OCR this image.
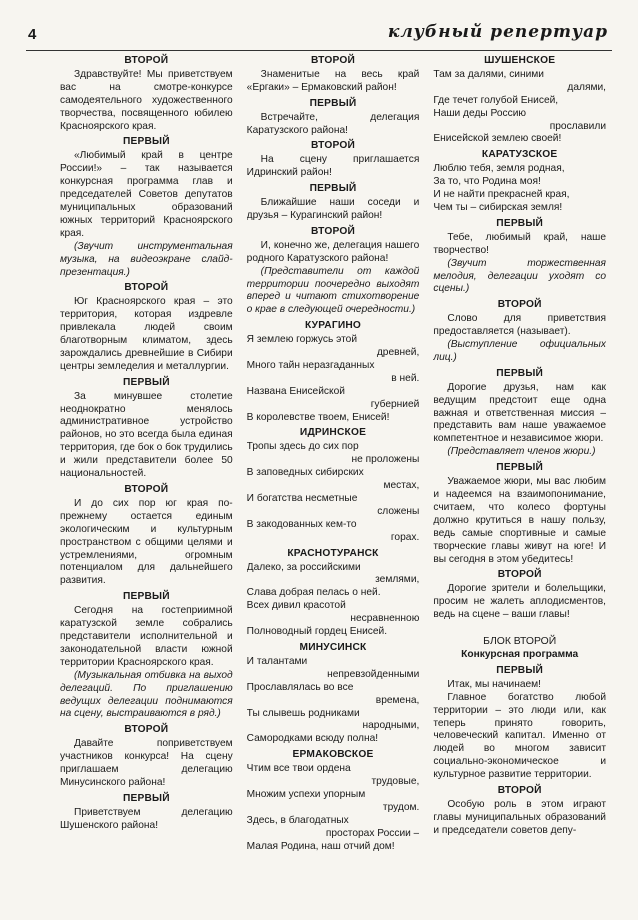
4	клубный репертуар
ВТОРОЙ

Здравствуйте! Мы приветствуем вас на смотре-конкурсе самодеятельного художественного творчества, посвященного юбилею Красноярского края.

ПЕРВЫЙ

«Любимый край в центре России!» – так называется конкурсная программа глав и председателей Советов депутатов муниципальных образований южных территорий Красноярского края.

(Звучит инструментальная музыка, на видеоэкране слайд-презентация.)

ВТОРОЙ

Юг Красноярского края – это территория, которая издревле привлекала людей своим благотворным климатом, здесь зарождались древнейшие в Сибири центры земледелия и металлургии.

ПЕРВЫЙ

За минувшее столетие неоднократно менялось административное устройство районов, но это всегда была единая территория, где бок о бок трудились и жили представители более 50 национальностей.

ВТОРОЙ

И до сих пор юг края по-прежнему остается единым экологическим и культурным пространством с общими целями и устремлениями, огромным потенциалом для дальнейшего развития.

ПЕРВЫЙ

Сегодня на гостеприимной каратузской земле собрались представители исполнительной и законодательной власти южной территории Красноярского края.

(Музыкальная отбивка на выход делегаций. По приглашению ведущих делегации поднимаются на сцену, выстраиваются в ряд.)

ВТОРОЙ

Давайте поприветствуем участников конкурса! На сцену приглашаем делегацию Минусинского района!

ПЕРВЫЙ

Приветствуем делегацию Шушенского района!

ВТОРОЙ

Знаменитые на весь край «Ергаки» – Ермаковский район!

ПЕРВЫЙ

Встречайте, делегация Каратузского района!

ВТОРОЙ

На сцену приглашается Идринский район!

ПЕРВЫЙ

Ближайшие наши соседи и друзья – Курагинский район!

ВТОРОЙ

И, конечно же, делегация нашего родного Каратузского района!

(Представители от каждой территории поочередно выходят вперед и читают стихотворение о крае в следующей очередности.)

КУРАГИНО
Я землею горжусь этой
древней,
Много тайн неразгаданных
в ней.
Названа Енисейской
губернией
В королевстве твоем, Енисей!
ИДРИНСКОЕ
Тропы здесь до сих пор
не проложены
В заповедных сибирских
местах,
И богатства несметные
сложены
В закодованных кем-то
горах.
КРАСНОТУРАНСК
Далеко, за российскими
землями,
Слава добрая пелась о ней.
Всех дивил красотой
несравненною
Полноводный гордец Енисей.
МИНУСИНСК
И талантами
непревзойденными
Прославлялась во все
времена,
Ты слывешь родниками
народными,
Самородками всюду полна!
ЕРМАКОВСКОЕ
Чтим все твои ордена
трудовые,
Множим успехи упорным
трудом.
Здесь, в благодатных
просторах России –
Малая Родина, наш отчий дом!
ШУШЕНСКОЕ
Там за далями, синими
далями,
Где течет голубой Енисей,
Наши деды Россию
прославили
Енисейской землею своей!
КАРАТУЗСКОЕ
Люблю тебя, земля родная,
За то, что Родина моя!
И не найти прекрасней края,
Чем ты – сибирская земля!
ПЕРВЫЙ

Тебе, любимый край, наше творчество!

(Звучит торжественная мелодия, делегации уходят со сцены.)

ВТОРОЙ

Слово для приветствия предоставляется (называет).

(Выступление официальных лиц.)

ПЕРВЫЙ

Дорогие друзья, нам как ведущим предстоит еще одна важная и ответственная миссия – представить вам наше уважаемое компетентное и независимое жюри.

(Представляет членов жюри.)

ПЕРВЫЙ

Уважаемое жюри, мы вас любим и надеемся на взаимопонимание, считаем, что колесо фортуны должно крутиться в нашу пользу, ведь самые спортивные и самые творческие главы живут на юге! И вы сегодня в этом убедитесь!

ВТОРОЙ

Дорогие зрители и болельщики, просим не жалеть аплодисментов, ведь на сцене – ваши главы!

БЛОК ВТОРОЙ
Конкурсная программа
ПЕРВЫЙ

Итак, мы начинаем!

Главное богатство любой территории – это люди или, как теперь принято говорить, человеческий капитал. Именно от людей во многом зависит социально-экономическое и культурное развитие территории.

ВТОРОЙ

Особую роль в этом играют главы муниципальных образований и председатели советов депу-
